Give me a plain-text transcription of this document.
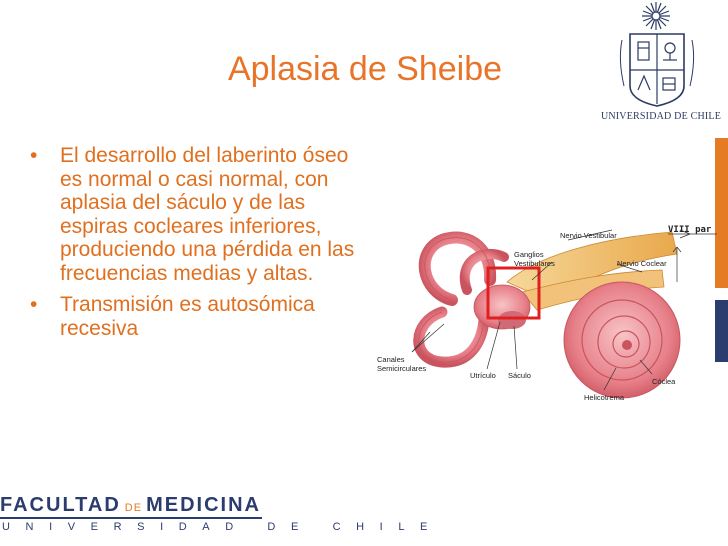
Aplasia de Sheibe
UNIVERSIDAD DE CHILE
• El desarrollo del laberinto óseo es normal o casi normal, con aplasia del sáculo y de las espiras cocleares inferiores, produciendo una pérdida en las frecuencias medias y altas.
• Transmisión es autosómica recesiva
Nervio Vestibular
VIII par
Ganglios
Vestibulares	Nervio Coclear
Canales
Semicirculares
Utrículo Sáculo
Cóclea
Helicotrema
FACULTAD DE MEDICINA
UNIVERSIDAD DE CHILE
